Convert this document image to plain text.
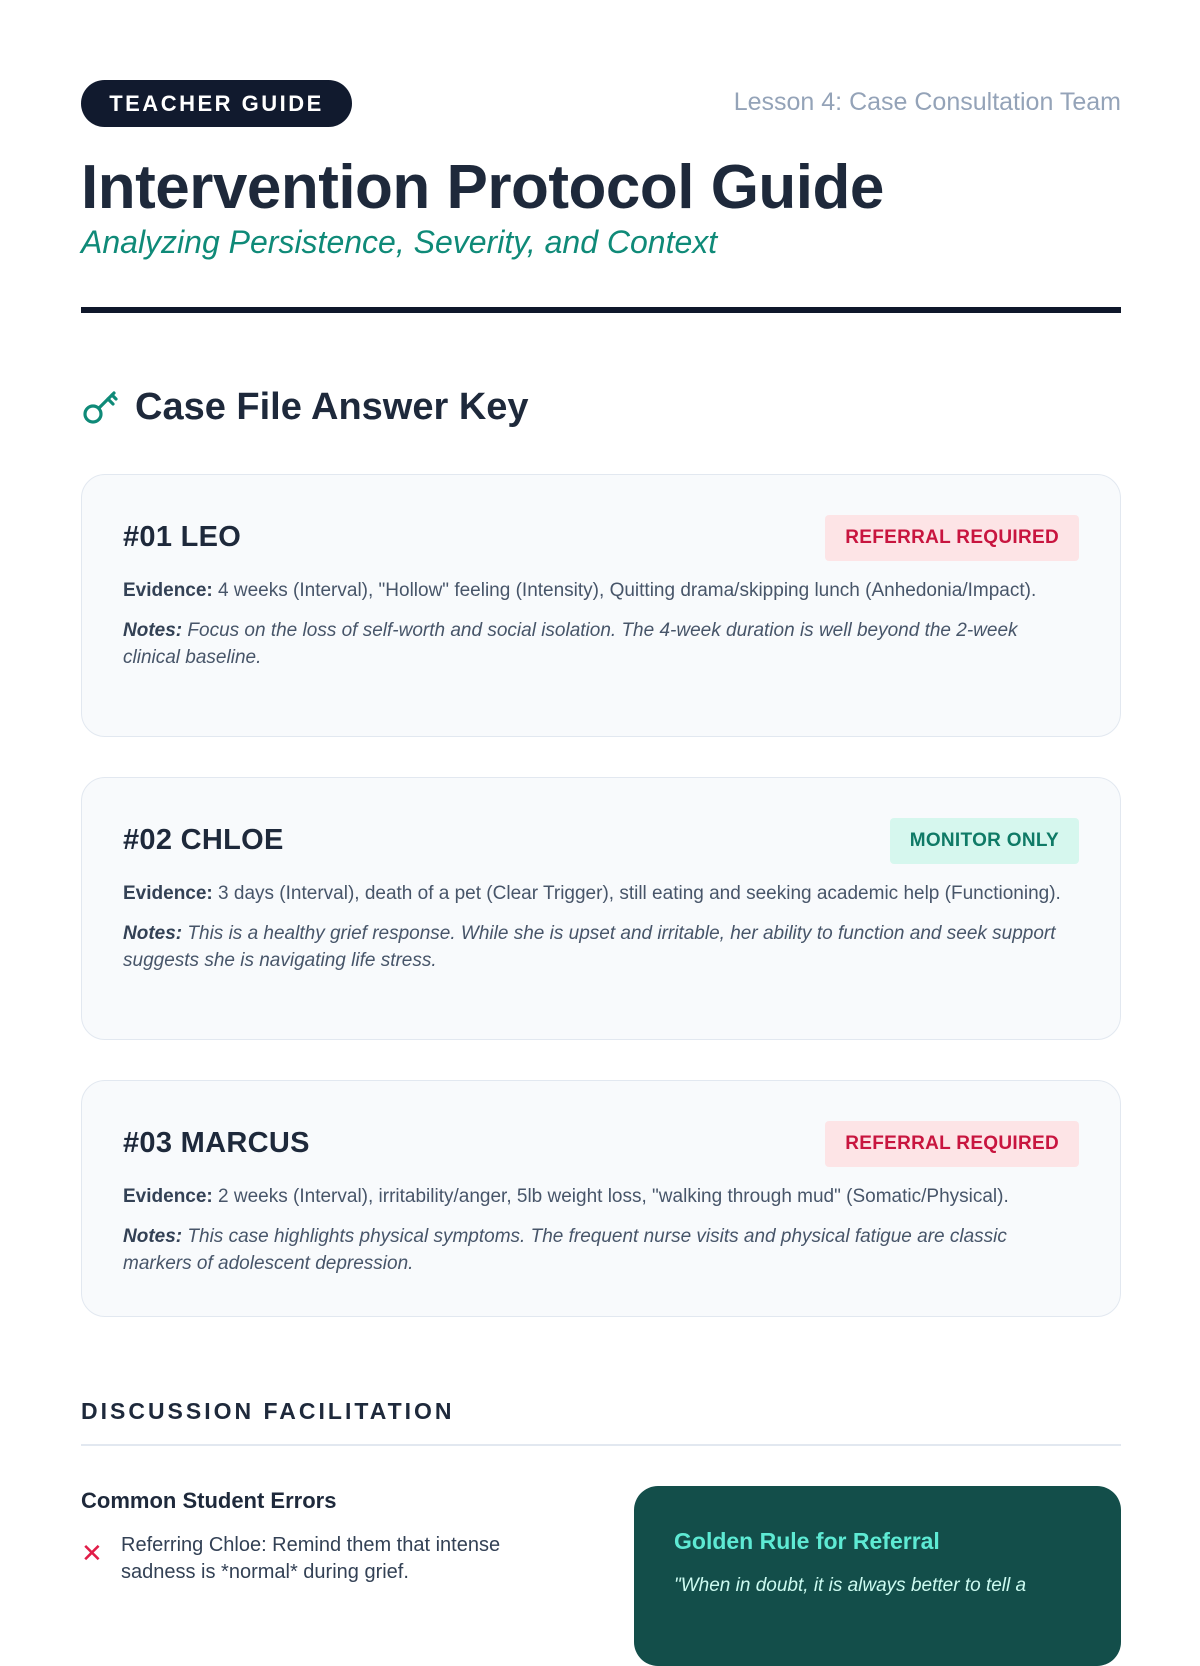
TEACHER GUIDE	Lesson 4: Case Consultation Team
Intervention Protocol Guide
Analyzing Persistence, Severity, and Context
Case File Answer Key
#01 LEO	REFERRAL REQUIRED
Evidence: 4 weeks (Interval), "Hollow" feeling (Intensity), Quitting drama/skipping lunch (Anhedonia/Impact).
Notes: Focus on the loss of self-worth and social isolation. The 4-week duration is well beyond the 2-week clinical baseline.
#02 CHLOE	MONITOR ONLY
Evidence: 3 days (Interval), death of a pet (Clear Trigger), still eating and seeking academic help (Functioning).
Notes: This is a healthy grief response. While she is upset and irritable, her ability to function and seek support suggests she is navigating life stress.
#03 MARCUS	REFERRAL REQUIRED
Evidence: 2 weeks (Interval), irritability/anger, 5lb weight loss, "walking through mud" (Somatic/Physical).
Notes: This case highlights physical symptoms. The frequent nurse visits and physical fatigue are classic markers of adolescent depression.
DISCUSSION FACILITATION
Common Student Errors
✕ Referring Chloe: Remind them that intense sadness is *normal* during grief.
Golden Rule for Referral
"When in doubt, it is always better to tell a
